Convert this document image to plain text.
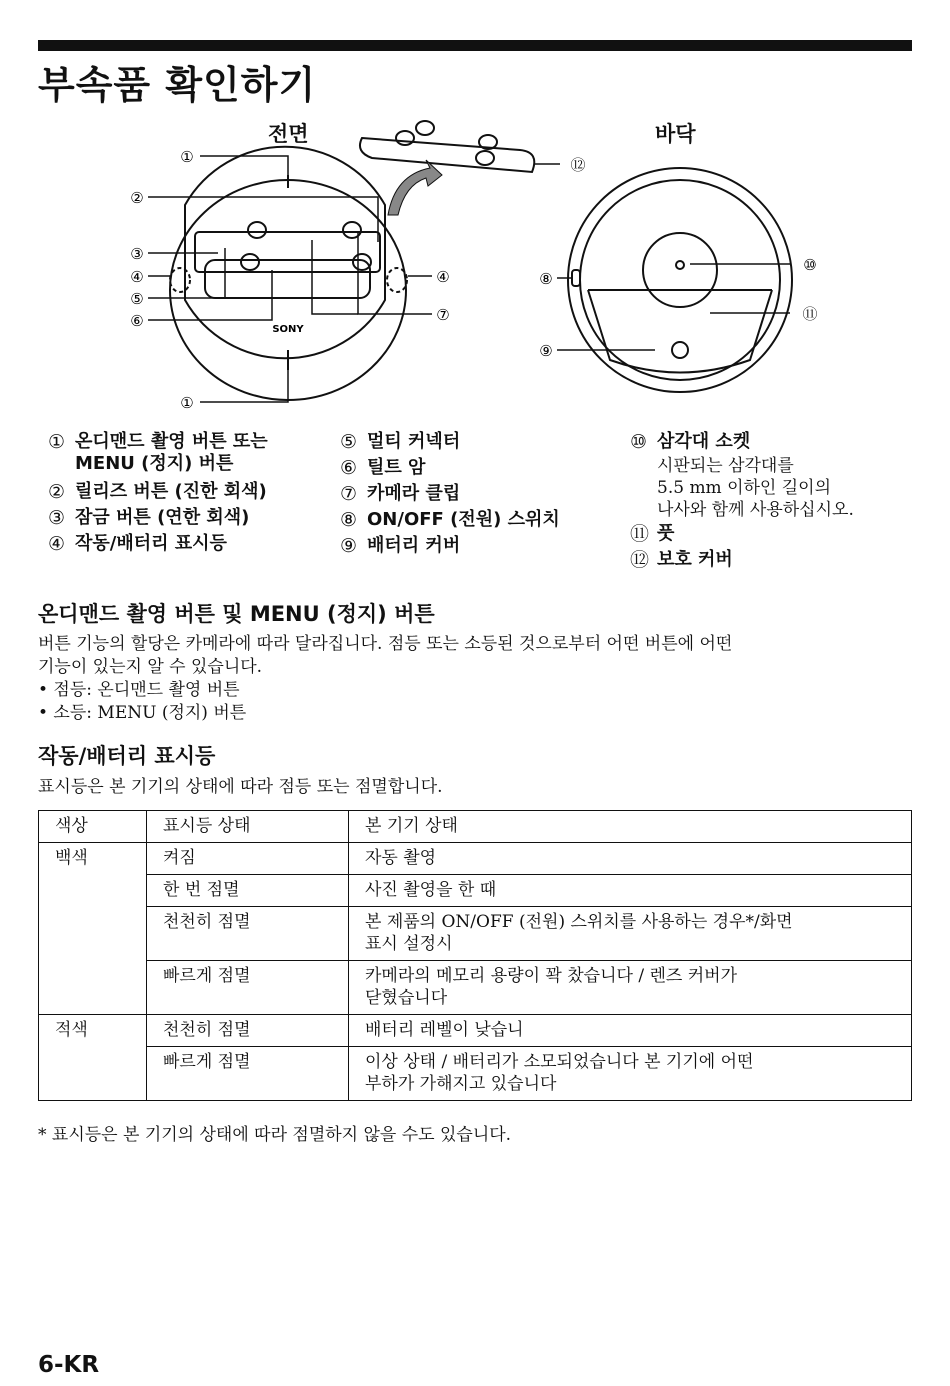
부속품 확인하기
전면	바닥
SONY
①
②
③
④
⑤
⑥
①
④
⑦
⑫
⑧
⑨
⑩
⑪
① 온디맨드 촬영 버튼 또는
MENU (정지) 버튼
② 릴리즈 버튼 (진한 회색)
③ 잠금 버튼 (연한 회색)
④ 작동/배터리 표시등
⑤ 멀티 커넥터
⑥ 틸트 암
⑦ 카메라 클립
⑧ ON/OFF (전원) 스위치
⑨ 배터리 커버
⑩ 삼각대 소켓
시판되는 삼각대를
5.5 mm 이하인 길이의
나사와 함께 사용하십시오.
⑪ 풋
⑫ 보호 커버
온디맨드 촬영 버튼 및 MENU (정지) 버튼
버튼 기능의 할당은 카메라에 따라 달라집니다. 점등 또는 소등된 것으로부터 어떤 버튼에 어떤
기능이 있는지 알 수 있습니다.
• 점등: 온디맨드 촬영 버튼
• 소등: MENU (정지) 버튼
작동/배터리 표시등
표시등은 본 기기의 상태에 따라 점등 또는 점멸합니다.
색상	표시등 상태	본 기기 상태
백색	켜짐	자동 촬영
	한 번 점멸	사진 촬영을 한 때
	천천히 점멸	본 제품의 ON/OFF (전원) 스위치를 사용하는 경우*/화면
표시 설정시

	빠르게 점멸	카메라의 메모리 용량이 꽉 찼습니다 / 렌즈 커버가
닫혔습니다

적색	천천히 점멸	배터리 레벨이 낮습니
	빠르게 점멸	이상 상태 / 배터리가 소모되었습니다 본 기기에 어떤
부하가 가해지고 있습니다
* 표시등은 본 기기의 상태에 따라 점멸하지 않을 수도 있습니다.
6-KR
